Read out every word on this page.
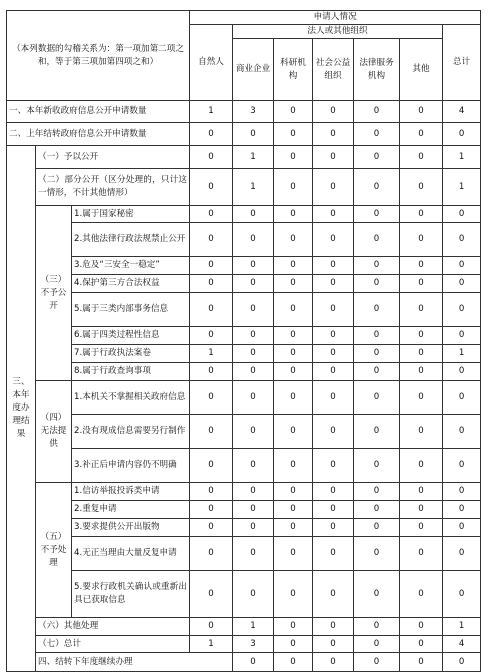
（本列数据的勾稽关系为：第一项加第二项之和，等于第三项加第四项之和）			申请人情况							
			自然人	法人或其他组织					总计	
				商业企业	科研机构	社会公益组织	法律服务机构	其他		
一、本年新收政府信息公开申请数量			1	3	0	0	0	0	4	
二、上年结转政府信息公开申请数量			0	0	0	0	0	0	0	
三、本年度办理结果	（一）予以公开		0	1	0	0	0	0	1	
	（二）部分公开（区分处理的，只计这一情形，不计其他情形）		0	1	0	0	0	0	1	
	（三）不予公开	1.属于国家秘密	0	0	0	0	0	0	0	
		2.其他法律行政法规禁止公开	0	0	0	0	0	0	0	
		3.危及“三安全一稳定”	0	0	0	0	0	0	0	
		4.保护第三方合法权益	0	0	0	0	0	0	0	
		5.属于三类内部事务信息	0	0	0	0	0	0	0	
		6.属于四类过程性信息	0	0	0	0	0	0	0	
		7.属于行政执法案卷	1	0	0	0	0	0	1	
		8.属于行政查询事项	0	0	0	0	0	0	0	
	（四）无法提供	1.本机关不掌握相关政府信息	0	0	0	0	0	0	0	
		2.没有现成信息需要另行制作	0	0	0	0	0	0	0	
		3.补正后申请内容仍不明确	0	0	0	0	0	0	0	
	（五）不予处理	1.信访举报投诉类申请	0	0	0	0	0	0	0	
		2.重复申请	0	0	0	0	0	0	0	
		3.要求提供公开出版物	0	0	0	0	0	0	0	
		4.无正当理由大量反复申请	0	0	0	0	0	0	0	
		5.要求行政机关确认或重新出具已获取信息	0	0	0	0	0	0	0	
	（六）其他处理		0	1	0	0	0	0	1	
	（七）总计		1	3	0	0	0	0	4	
	四、结转下年度继续办理			0	0	0	0	0	0	
